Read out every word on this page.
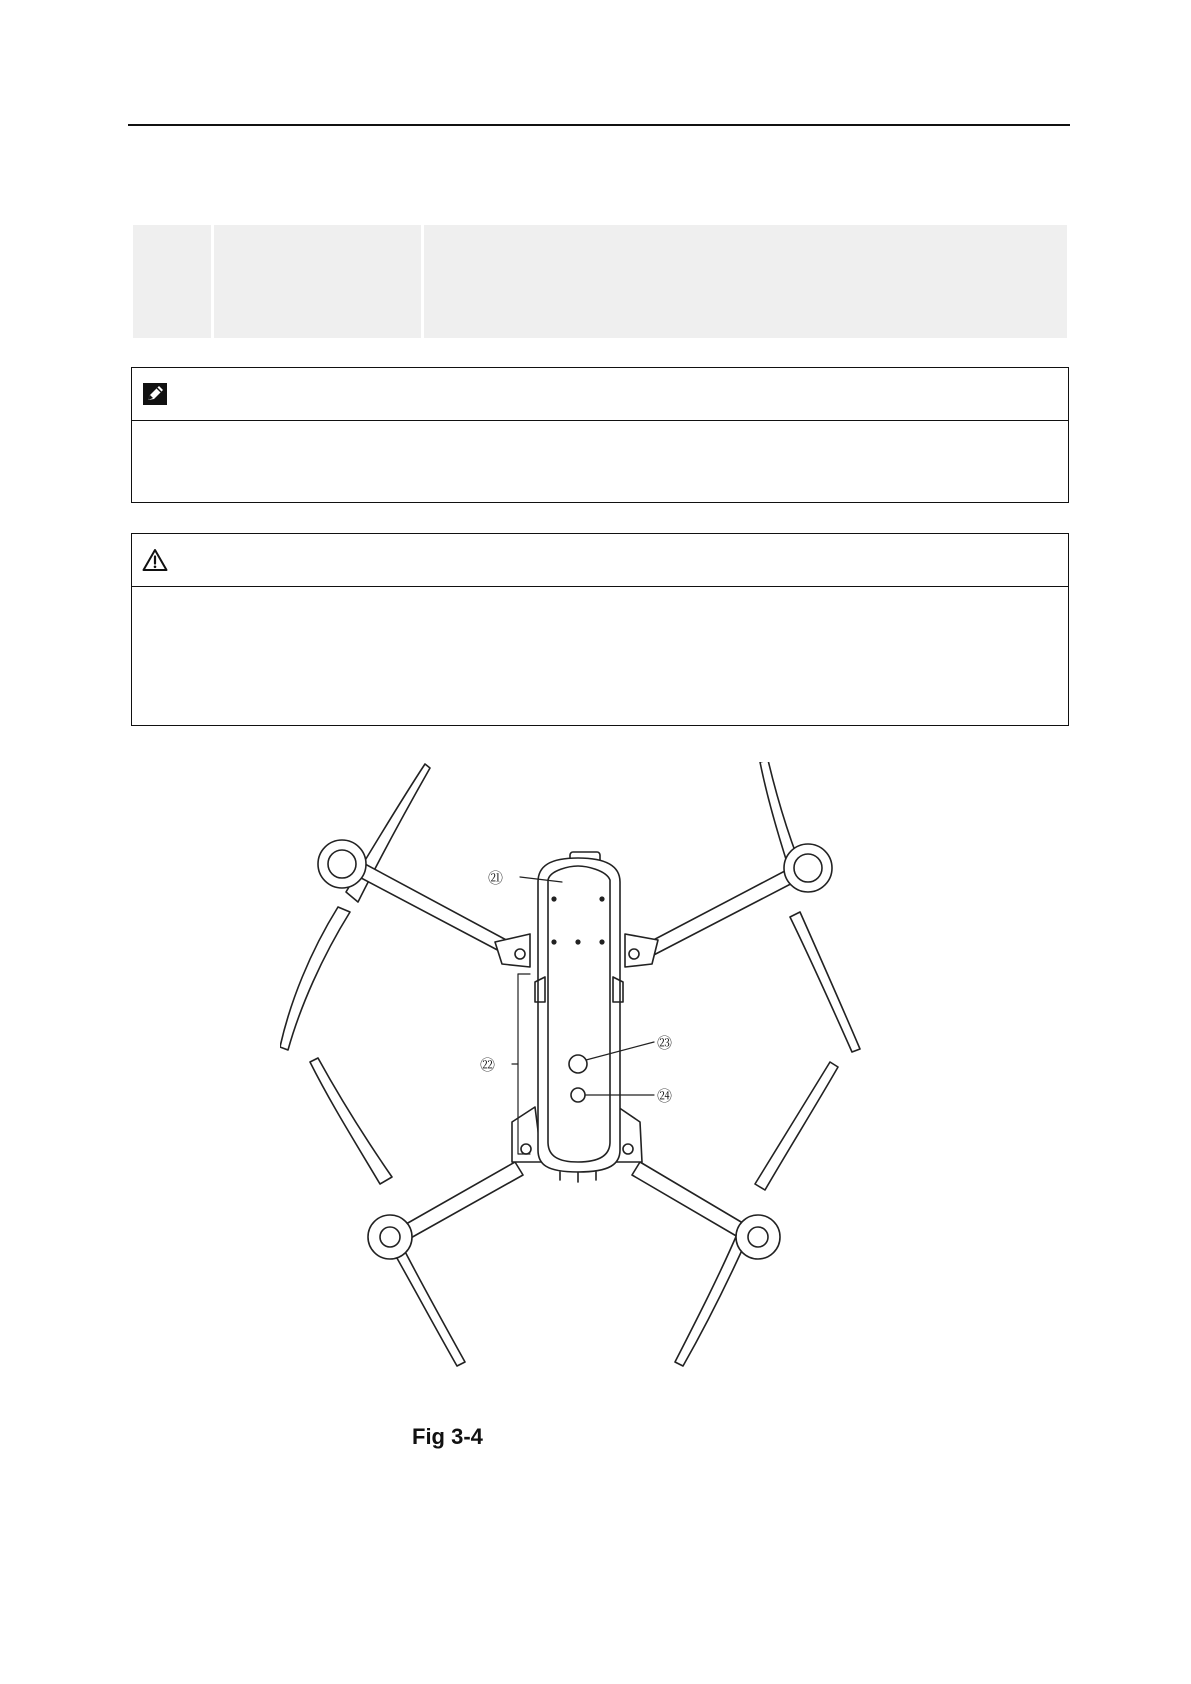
㉑
㉒
㉓
㉔
Fig 3-4
